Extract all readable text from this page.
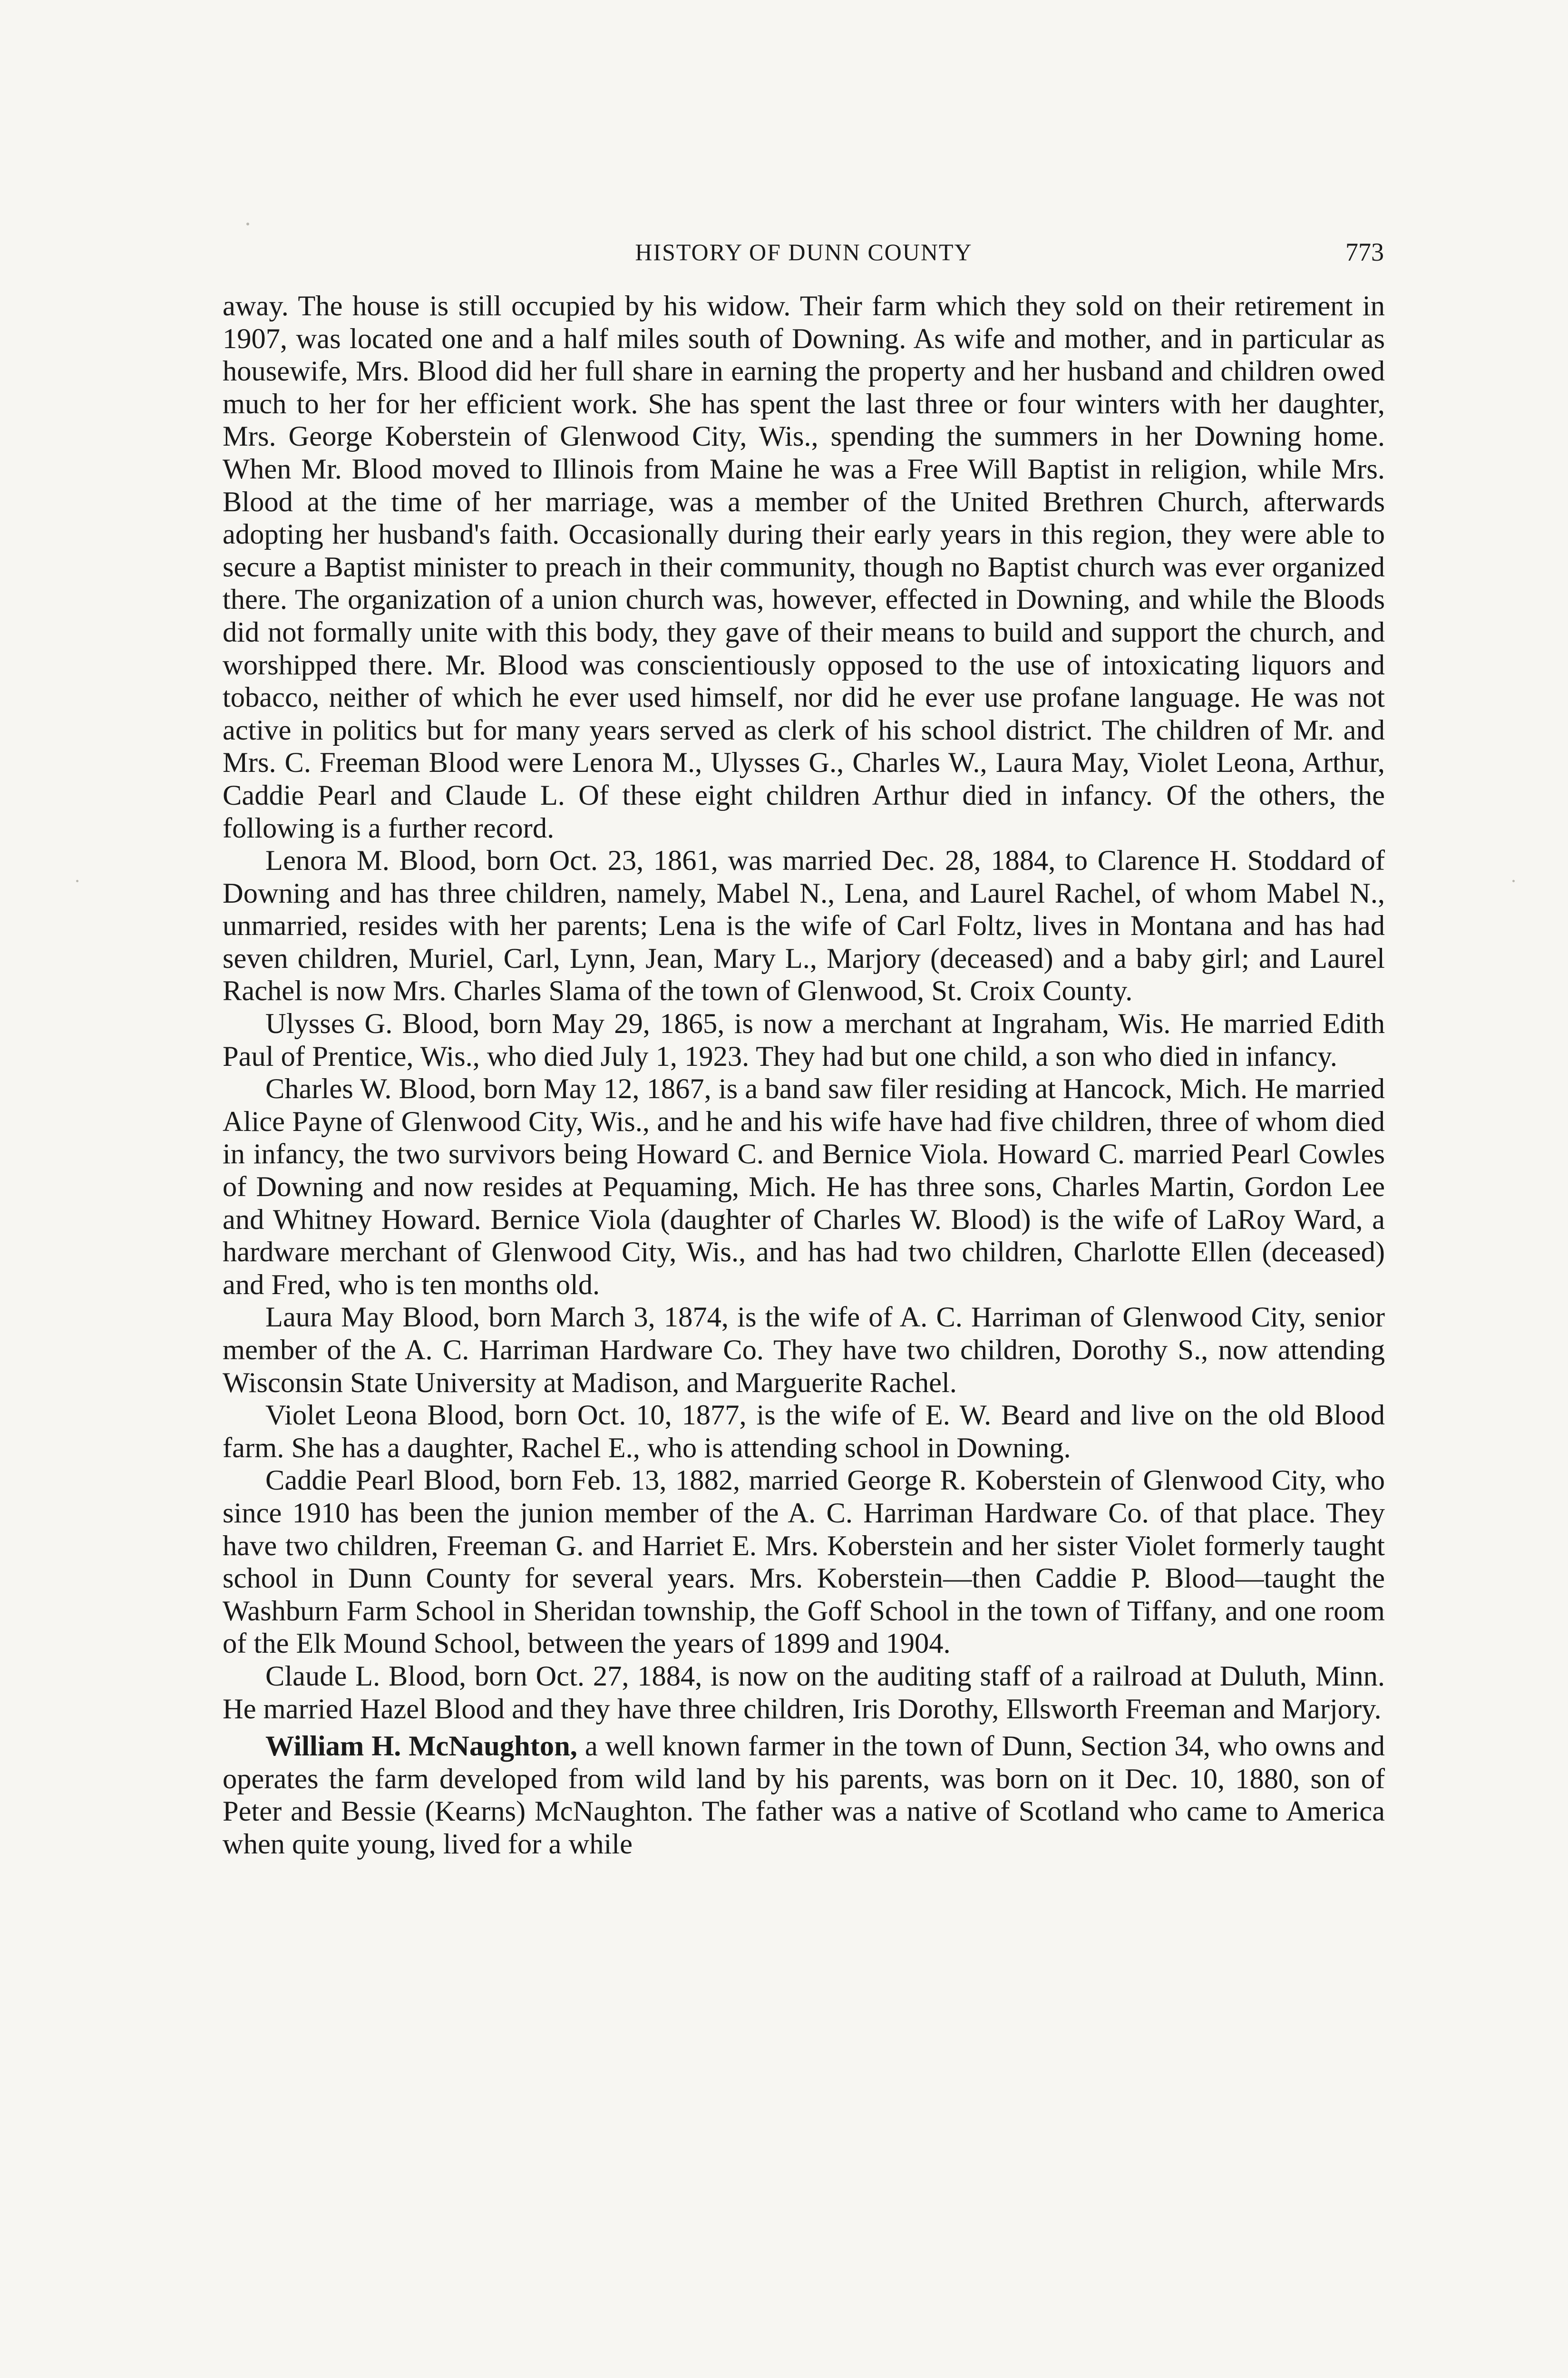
HISTORY OF DUNN COUNTY	773

away. The house is still occupied by his widow. Their farm which they sold on their retirement in 1907, was located one and a half miles south of Downing. As wife and mother, and in particular as housewife, Mrs. Blood did her full share in earning the property and her husband and children owed much to her for her efficient work. She has spent the last three or four winters with her daughter, Mrs. George Koberstein of Glenwood City, Wis., spending the summers in her Downing home. When Mr. Blood moved to Illinois from Maine he was a Free Will Baptist in religion, while Mrs. Blood at the time of her marriage, was a member of the United Brethren Church, afterwards adopting her husband's faith. Occasionally during their early years in this region, they were able to secure a Baptist minister to preach in their community, though no Baptist church was ever organized there. The organization of a union church was, however, effected in Downing, and while the Bloods did not formally unite with this body, they gave of their means to build and support the church, and worshipped there. Mr. Blood was conscientiously opposed to the use of intoxicating liquors and tobacco, neither of which he ever used himself, nor did he ever use profane language. He was not active in politics but for many years served as clerk of his school district. The children of Mr. and Mrs. C. Freeman Blood were Lenora M., Ulysses G., Charles W., Laura May, Violet Leona, Arthur, Caddie Pearl and Claude L. Of these eight children Arthur died in infancy. Of the others, the following is a further record.

Lenora M. Blood, born Oct. 23, 1861, was married Dec. 28, 1884, to Clarence H. Stoddard of Downing and has three children, namely, Mabel N., Lena, and Laurel Rachel, of whom Mabel N., unmarried, resides with her parents; Lena is the wife of Carl Foltz, lives in Montana and has had seven children, Muriel, Carl, Lynn, Jean, Mary L., Marjory (deceased) and a baby girl; and Laurel Rachel is now Mrs. Charles Slama of the town of Glenwood, St. Croix County.

Ulysses G. Blood, born May 29, 1865, is now a merchant at Ingraham, Wis. He married Edith Paul of Prentice, Wis., who died July 1, 1923. They had but one child, a son who died in infancy.

Charles W. Blood, born May 12, 1867, is a band saw filer residing at Hancock, Mich. He married Alice Payne of Glenwood City, Wis., and he and his wife have had five children, three of whom died in infancy, the two survivors being Howard C. and Bernice Viola. Howard C. married Pearl Cowles of Downing and now resides at Pequaming, Mich. He has three sons, Charles Martin, Gordon Lee and Whitney Howard. Bernice Viola (daughter of Charles W. Blood) is the wife of LaRoy Ward, a hardware merchant of Glenwood City, Wis., and has had two children, Charlotte Ellen (deceased) and Fred, who is ten months old.

Laura May Blood, born March 3, 1874, is the wife of A. C. Harriman of Glenwood City, senior member of the A. C. Harriman Hardware Co. They have two children, Dorothy S., now attending Wisconsin State University at Madison, and Marguerite Rachel.

Violet Leona Blood, born Oct. 10, 1877, is the wife of E. W. Beard and live on the old Blood farm. She has a daughter, Rachel E., who is attending school in Downing.

Caddie Pearl Blood, born Feb. 13, 1882, married George R. Koberstein of Glenwood City, who since 1910 has been the junion member of the A. C. Harriman Hardware Co. of that place. They have two children, Freeman G. and Harriet E. Mrs. Koberstein and her sister Violet formerly taught school in Dunn County for several years. Mrs. Koberstein—then Caddie P. Blood—taught the Washburn Farm School in Sheridan township, the Goff School in the town of Tiffany, and one room of the Elk Mound School, between the years of 1899 and 1904.

Claude L. Blood, born Oct. 27, 1884, is now on the auditing staff of a railroad at Duluth, Minn. He married Hazel Blood and they have three children, Iris Dorothy, Ellsworth Freeman and Marjory.

William H. McNaughton, a well known farmer in the town of Dunn, Section 34, who owns and operates the farm developed from wild land by his parents, was born on it Dec. 10, 1880, son of Peter and Bessie (Kearns) McNaughton. The father was a native of Scotland who came to America when quite young, lived for a while
